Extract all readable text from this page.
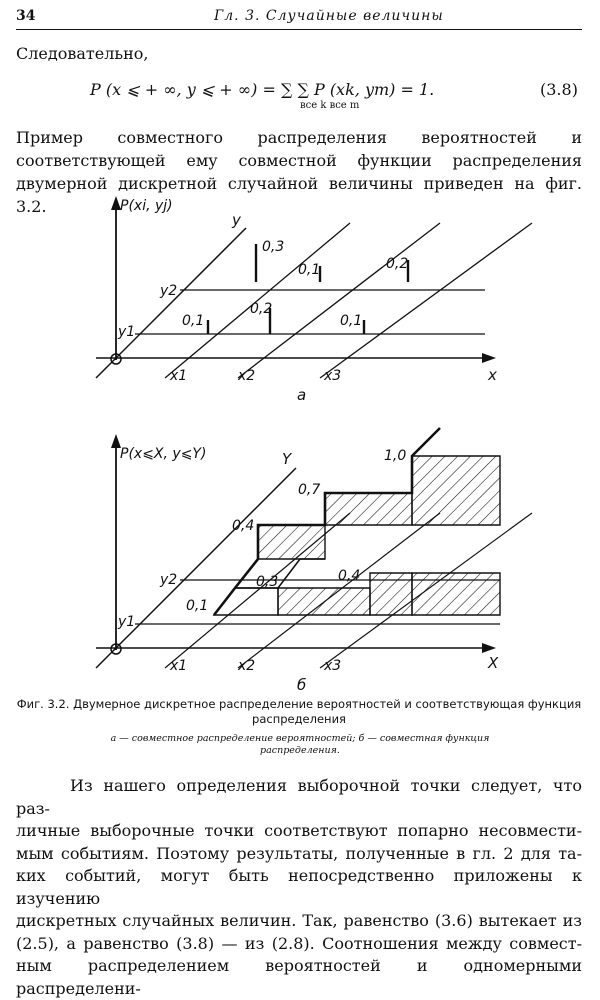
34	Гл. 3. Случайные величины

Следовательно,

P (x ⩽ + ∞, y ⩽ + ∞) = ∑ ∑ P (xk, ym) = 1.
все k все m
(3.8)

Пример совместного распределения вероятностей и соответствующей ему совместной функции распределения двумерной дискретной случайной величины приведен на фиг. 3.2.	P(xi, yj)
y
x
y1
y2
x1	x2	x3
а
0,1
0,2
0,1
0,3
0,1	0,2
P(x⩽X, y⩽Y)	Y
X
y1
y2
x1	x2	x3
б
0,1
0,3	0,4
0,4
0,7
1,0
Фиг. 3.2. Двумерное дискретное распределение вероятностей и соответствующая функция распределения
а — совместное распределение вероятностей; б — совместная функция распределения.
Из нашего определения выборочной точки следует, что раз-
личные выборочные точки соответствуют попарно несовмести-
мым событиям. Поэтому результаты, полученные в гл. 2 для та-
ких событий, могут быть непосредственно приложены к изучению
дискретных случайных величин. Так, равенство (3.6) вытекает из
(2.5), а равенство (3.8) — из (2.8). Соотношения между совмест-
ным распределением вероятностей и одномерными распределени-
